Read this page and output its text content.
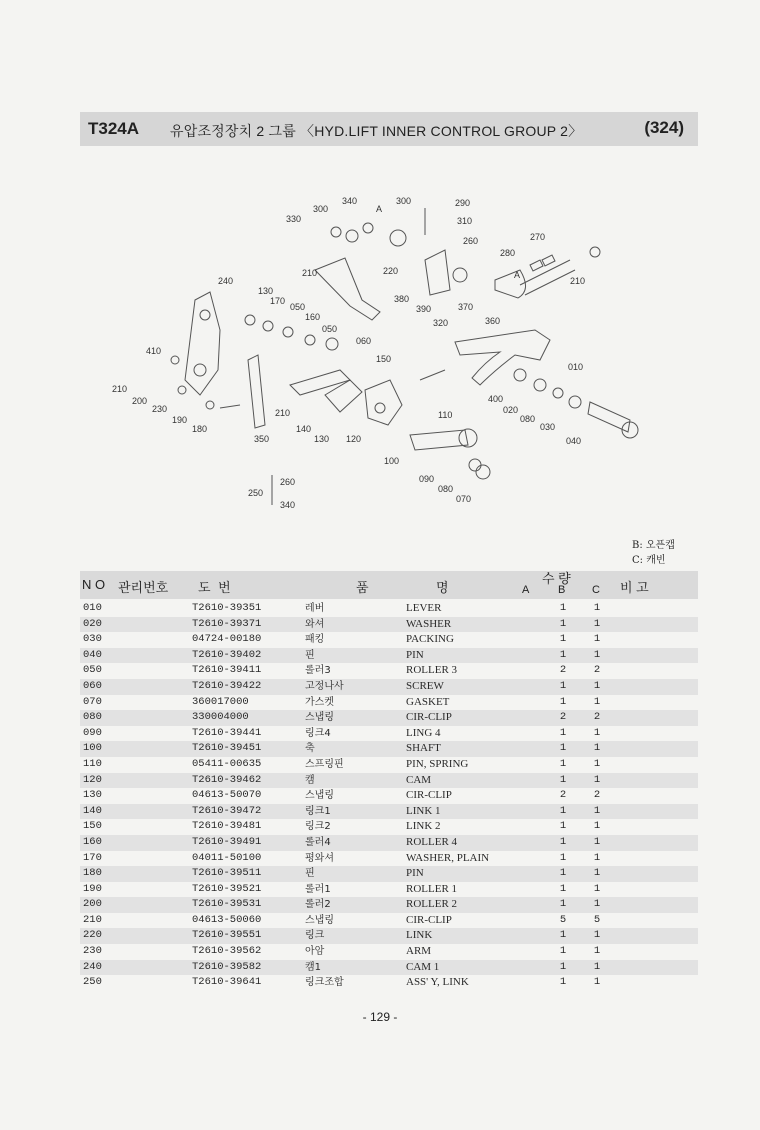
T324A 유압조정장치 2 그룹 〈HYD.LIFT INNER CONTROL GROUP 2〉	(324)
300
340
A
300	290
330	310
260	270
280
A
210
210	220
240
130
170
050
380
390	370
360
320
160
050
060
150
410
010
210
200
230
190
180
210
400
020
080
030
040
110
350
140
130 120
100
090
080
070
260
250
340
B: 오픈캡
C: 캐빈
N O 관리번호 도 번	품	명
수 량
A	B C 비 고
010	T2610-39351	레버	LEVER	1	1
020	T2610-39371	와셔	WASHER	1	1
030	04724-00180	패킹	PACKING	1	1
040	T2610-39402	핀	PIN	1	1
050	T2610-39411	롤러3	ROLLER 3	2	2
060	T2610-39422	고정나사	SCREW	1	1
070	360017000	가스켓	GASKET	1	1
080	330004000	스냅링	CIR-CLIP	2	2
090	T2610-39441	링크4	LING 4	1	1
100	T2610-39451	축	SHAFT	1	1
110	05411-00635	스프링핀	PIN, SPRING	1	1
120	T2610-39462	캠	CAM	1	1
130	04613-50070	스냅링	CIR-CLIP	2	2
140	T2610-39472	링크1	LINK 1	1	1
150	T2610-39481	링크2	LINK 2	1	1
160	T2610-39491	롤러4	ROLLER 4	1	1
170	04011-50100	평와셔	WASHER, PLAIN	1	1
180	T2610-39511	핀	PIN	1	1
190	T2610-39521	롤러1	ROLLER 1	1	1
200	T2610-39531	롤러2	ROLLER 2	1	1
210	04613-50060	스냅링	CIR-CLIP	5	5
220	T2610-39551	링크	LINK	1	1
230	T2610-39562	아암	ARM	1	1
240	T2610-39582	캠1	CAM 1	1	1
250	T2610-39641	링크조합	ASS' Y, LINK	1	1
- 129 -
